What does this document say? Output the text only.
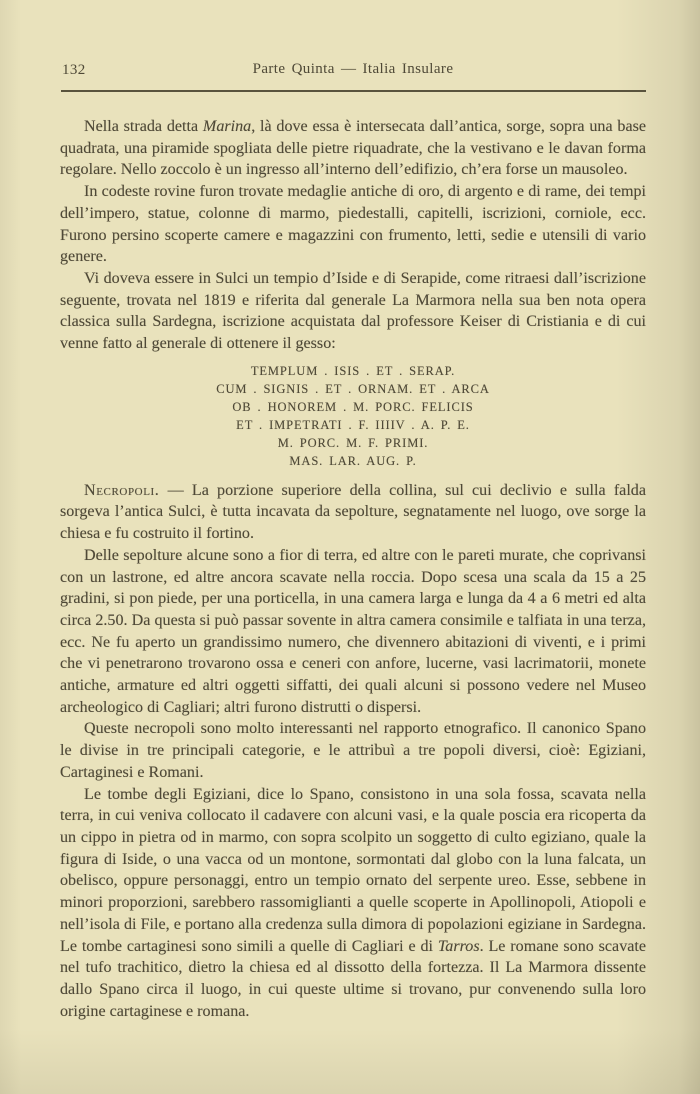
132	Parte Quinta — Italia Insulare

Nella strada detta Marina, là dove essa è intersecata dall’antica, sorge, sopra una base quadrata, una piramide spogliata delle pietre riquadrate, che la vestivano e le davan forma regolare. Nello zoccolo è un ingresso all’interno dell’edifizio, ch’era forse un mausoleo.

In codeste rovine furon trovate medaglie antiche di oro, di argento e di rame, dei tempi dell’impero, statue, colonne di marmo, piedestalli, capitelli, iscrizioni, corniole, ecc. Furono persino scoperte camere e magazzini con frumento, letti, sedie e utensili di vario genere.

Vi doveva essere in Sulci un tempio d’Iside e di Serapide, come ritraesi dall’iscrizione seguente, trovata nel 1819 e riferita dal generale La Marmora nella sua ben nota opera classica sulla Sardegna, iscrizione acquistata dal professore Keiser di Cristiania e di cui venne fatto al generale di ottenere il gesso:

TEMPLUM . ISIS . ET . SERAP.
CUM . SIGNIS . ET . ORNAM. ET . ARCA
OB . HONOREM . M. PORC. FELICIS
ET . IMPETRATI . F. IIIIV . A. P. E.
M. PORC. M. F. PRIMI.
MAS. LAR. AUG. P.

Necropoli. — La porzione superiore della collina, sul cui declivio e sulla falda sorgeva l’antica Sulci, è tutta incavata da sepolture, segnatamente nel luogo, ove sorge la chiesa e fu costruito il fortino.

Delle sepolture alcune sono a fior di terra, ed altre con le pareti murate, che coprivansi con un lastrone, ed altre ancora scavate nella roccia. Dopo scesa una scala da 15 a 25 gradini, si pon piede, per una porticella, in una camera larga e lunga da 4 a 6 metri ed alta circa 2.50. Da questa si può passar sovente in altra camera consimile e talfiata in una terza, ecc. Ne fu aperto un grandissimo numero, che divennero abitazioni di viventi, e i primi che vi penetrarono trovarono ossa e ceneri con anfore, lucerne, vasi lacrimatorii, monete antiche, armature ed altri oggetti siffatti, dei quali alcuni si possono vedere nel Museo archeologico di Cagliari; altri furono distrutti o dispersi.

Queste necropoli sono molto interessanti nel rapporto etnografico. Il canonico Spano le divise in tre principali categorie, e le attribuì a tre popoli diversi, cioè: Egiziani, Cartaginesi e Romani.

Le tombe degli Egiziani, dice lo Spano, consistono in una sola fossa, scavata nella terra, in cui veniva collocato il cadavere con alcuni vasi, e la quale poscia era ricoperta da un cippo in pietra od in marmo, con sopra scolpito un soggetto di culto egiziano, quale la figura di Iside, o una vacca od un montone, sormontati dal globo con la luna falcata, un obelisco, oppure personaggi, entro un tempio ornato del serpente ureo. Esse, sebbene in minori proporzioni, sarebbero rassomiglianti a quelle scoperte in Apollinopoli, Atiopoli e nell’isola di File, e portano alla credenza sulla dimora di popolazioni egiziane in Sardegna. Le tombe cartaginesi sono simili a quelle di Cagliari e di Tarros. Le romane sono scavate nel tufo trachitico, dietro la chiesa ed al dissotto della fortezza. Il La Marmora dissente dallo Spano circa il luogo, in cui queste ultime si trovano, pur convenendo sulla loro origine cartaginese e romana.
